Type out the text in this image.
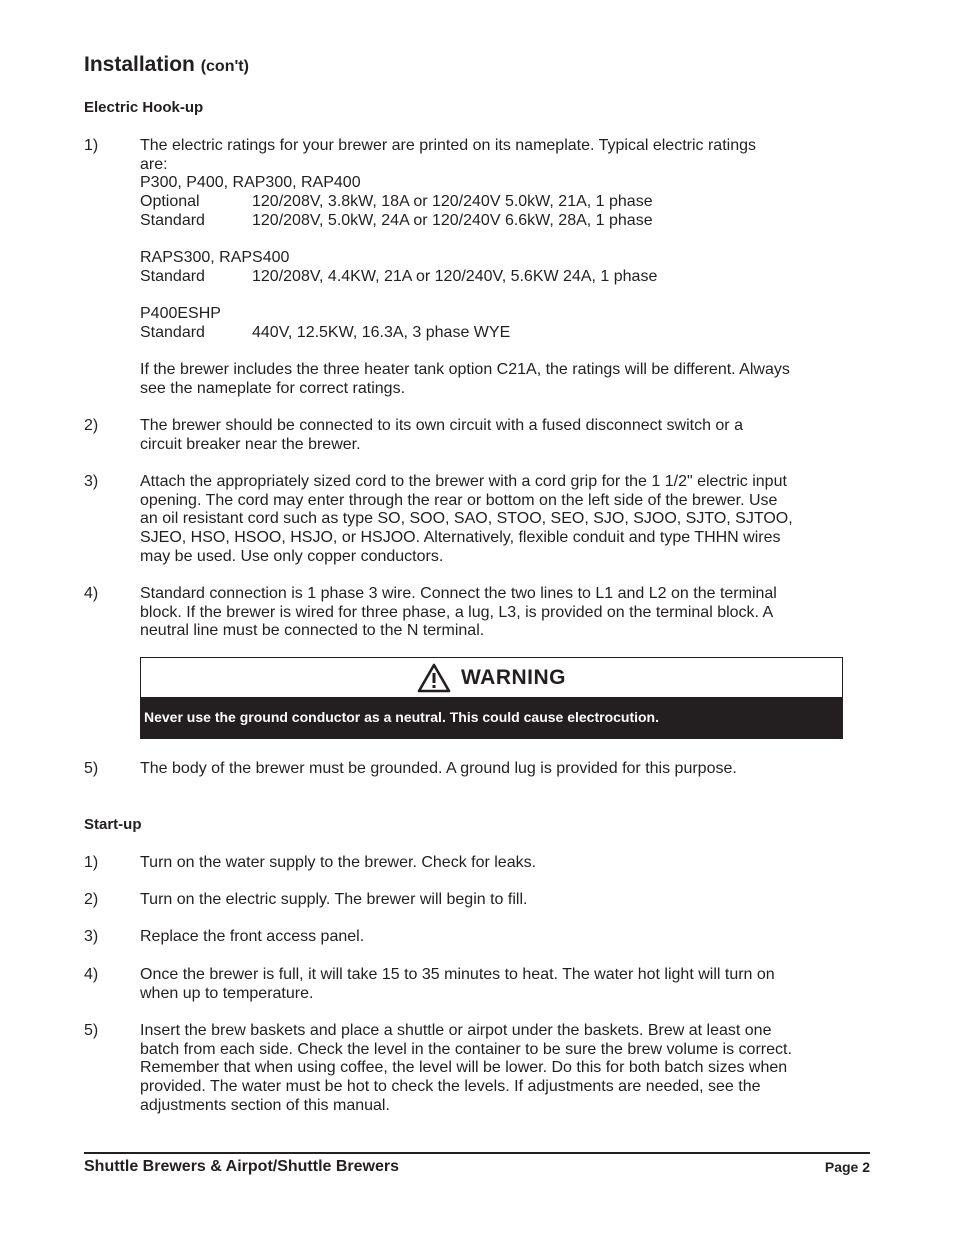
Installation (con't)
Electric Hook-up
1)	The electric ratings for your brewer are printed on its nameplate. Typical electric ratings
are:
P300, P400, RAP300, RAP400
Optional	120/208V, 3.8kW, 18A or 120/240V 5.0kW, 21A, 1 phase
Standard	120/208V, 5.0kW, 24A or 120/240V 6.6kW, 28A, 1 phase
RAPS300, RAPS400
Standard	120/208V, 4.4KW, 21A or 120/240V, 5.6KW 24A, 1 phase
P400ESHP
Standard	440V, 12.5KW, 16.3A, 3 phase WYE
If the brewer includes the three heater tank option C21A, the ratings will be different. Always
see the nameplate for correct ratings.
2)	The brewer should be connected to its own circuit with a fused disconnect switch or a
circuit breaker near the brewer.
3)	Attach the appropriately sized cord to the brewer with a cord grip for the 1 1/2" electric input
opening. The cord may enter through the rear or bottom on the left side of the brewer. Use
an oil resistant cord such as type SO, SOO, SAO, STOO, SEO, SJO, SJOO, SJTO, SJTOO,
SJEO, HSO, HSOO, HSJO, or HSJOO. Alternatively, flexible conduit and type THHN wires
may be used. Use only copper conductors.
4)	Standard connection is 1 phase 3 wire. Connect the two lines to L1 and L2 on the terminal
block. If the brewer is wired for three phase, a lug, L3, is provided on the terminal block. A
neutral line must be connected to the N terminal.
WARNING
Never use the ground conductor as a neutral. This could cause electrocution.
5)	The body of the brewer must be grounded. A ground lug is provided for this purpose.
Start-up
1)	Turn on the water supply to the brewer. Check for leaks.
2)	Turn on the electric supply. The brewer will begin to fill.
3)	Replace the front access panel.
4)	Once the brewer is full, it will take 15 to 35 minutes to heat. The water hot light will turn on
when up to temperature.
5)	Insert the brew baskets and place a shuttle or airpot under the baskets. Brew at least one
batch from each side. Check the level in the container to be sure the brew volume is correct.
Remember that when using coffee, the level will be lower. Do this for both batch sizes when
provided. The water must be hot to check the levels. If adjustments are needed, see the
adjustments section of this manual.
Shuttle Brewers & Airpot/Shuttle Brewers	Page 2
